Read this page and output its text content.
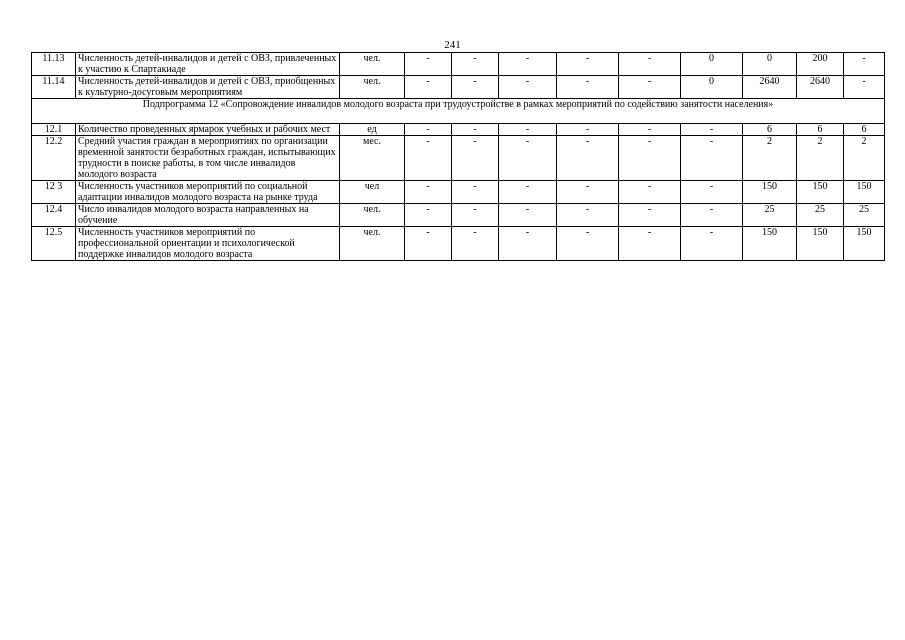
241
11.13	Численность детей-инвалидов и детей с ОВЗ, привлеченных к участию к Спартакиаде	чел.	-	-	-	-	-	0	0	200	-
11.14	Численность детей-инвалидов и детей с ОВЗ, приобщенных к культурно-досуговым мероприятиям	чел.	-	-	-	-	-	0	2640	2640	-
Подпрограмма 12 «Сопровождение инвалидов молодого возраста при трудоустройстве в рамках мероприятий по содействию занятости населения»											
12.1	Количество проведенных ярмарок учебных и рабочих мест	ед	-	-	-	-	-	-	6	6	6
12.2	Средний участия граждан в мероприятиях по организации временной занятости безработных граждан, испытывающих трудности в поиске работы, в том числе инвалидов молодого возраста	мес.	-	-	-	-	-	-	2	2	2
12 3	Численность участников мероприятий по социальной адаптации инвалидов молодого возраста на рынке труда	чел	-	-	-	-	-	-	150	150	150
12.4	Число инвалидов молодого возраста направленных на обучение	чел.	-	-	-	-	-	-	25	25	25
12.5	Численность участников мероприятий по профессиональной ориентации и психологической поддержке инвалидов молодого возраста	чел.	-	-	-	-	-	-	150	150	150
